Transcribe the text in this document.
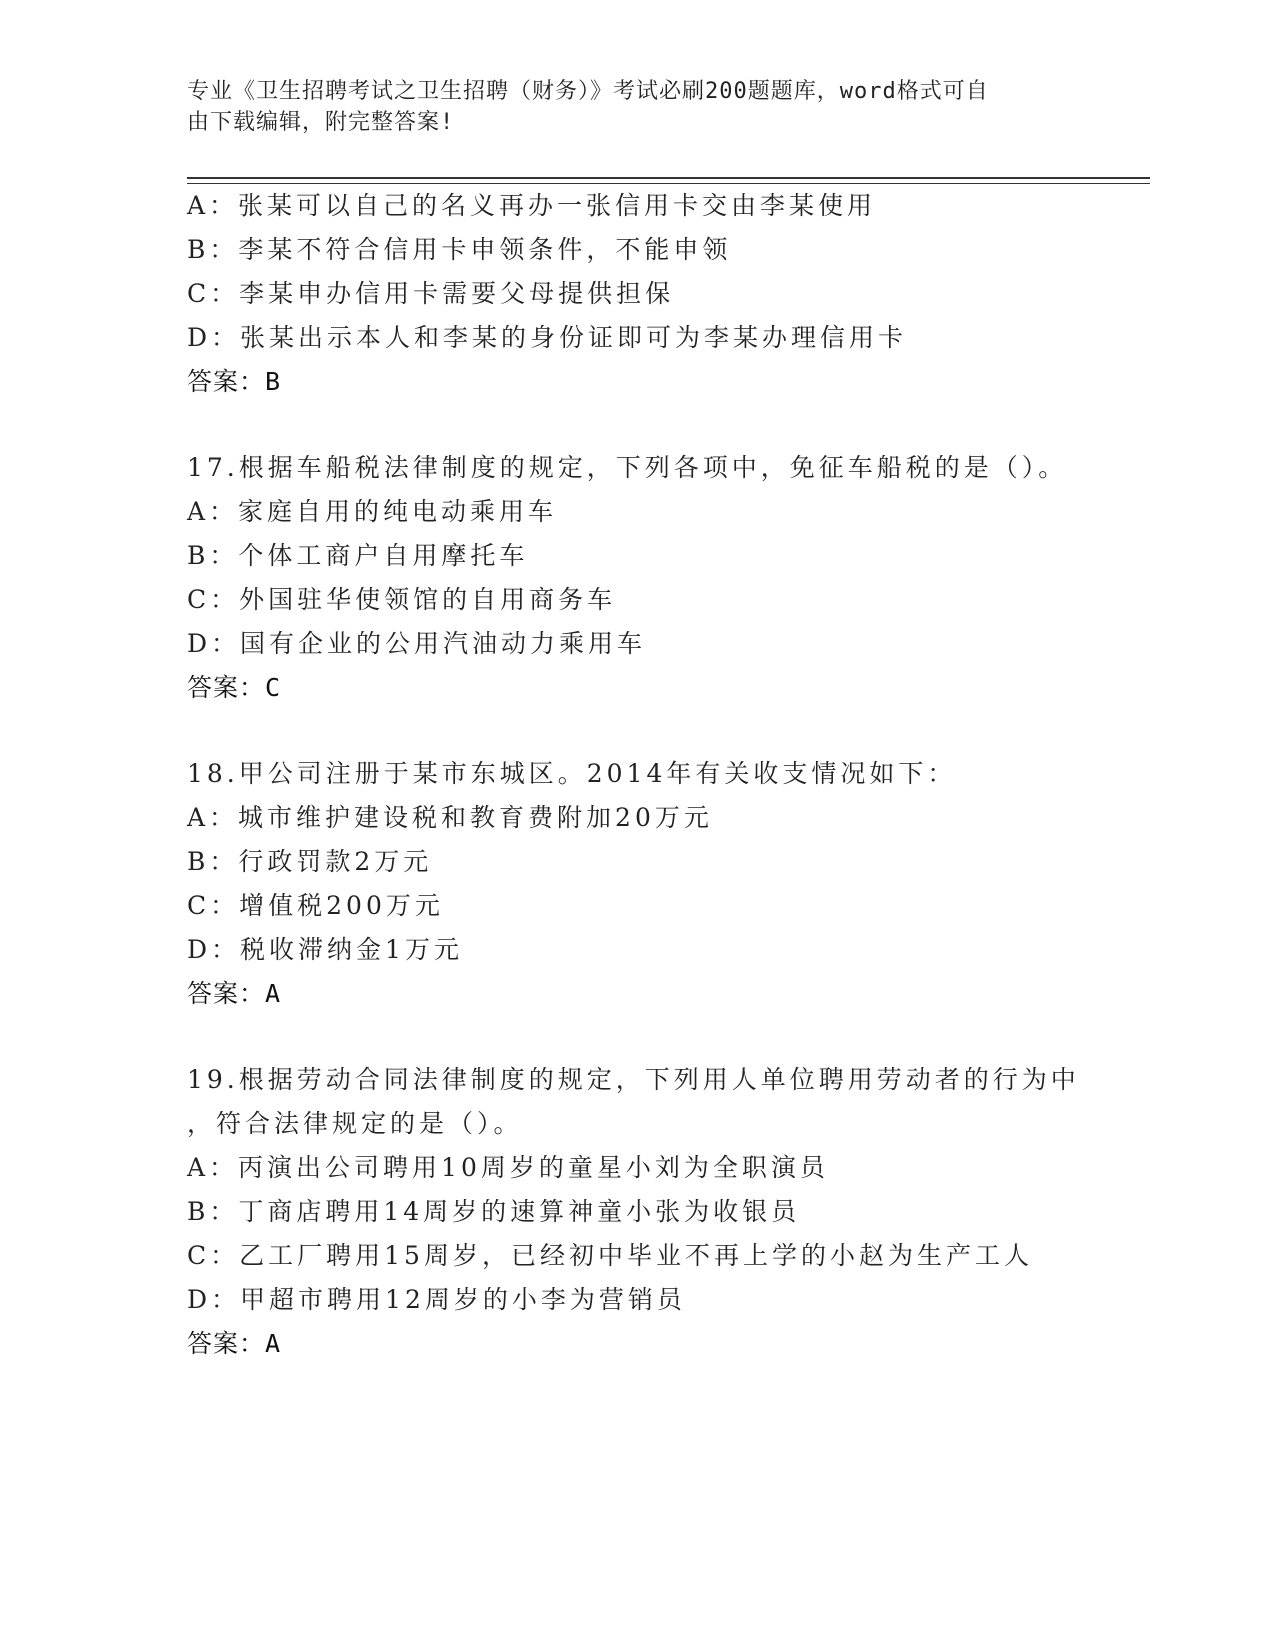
专业《卫生招聘考试之卫生招聘（财务）》考试必刷200题题库，word格式可自
由下载编辑，附完整答案!
A：张某可以自己的名义再办一张信用卡交由李某使用
B：李某不符合信用卡申领条件，不能申领
C：李某申办信用卡需要父母提供担保
D：张某出示本人和李某的身份证即可为李某办理信用卡
答案：B
17.根据车船税法律制度的规定，下列各项中，免征车船税的是（）。
A：家庭自用的纯电动乘用车
B：个体工商户自用摩托车
C：外国驻华使领馆的自用商务车
D：国有企业的公用汽油动力乘用车
答案：C
18.甲公司注册于某市东城区。2014年有关收支情况如下：
A：城市维护建设税和教育费附加20万元
B：行政罚款2万元
C：增值税200万元
D：税收滞纳金1万元
答案：A
19.根据劳动合同法律制度的规定，下列用人单位聘用劳动者的行为中
，符合法律规定的是（）。
A：丙演出公司聘用10周岁的童星小刘为全职演员
B：丁商店聘用14周岁的速算神童小张为收银员
C：乙工厂聘用15周岁，已经初中毕业不再上学的小赵为生产工人
D：甲超市聘用12周岁的小李为营销员
答案：A
